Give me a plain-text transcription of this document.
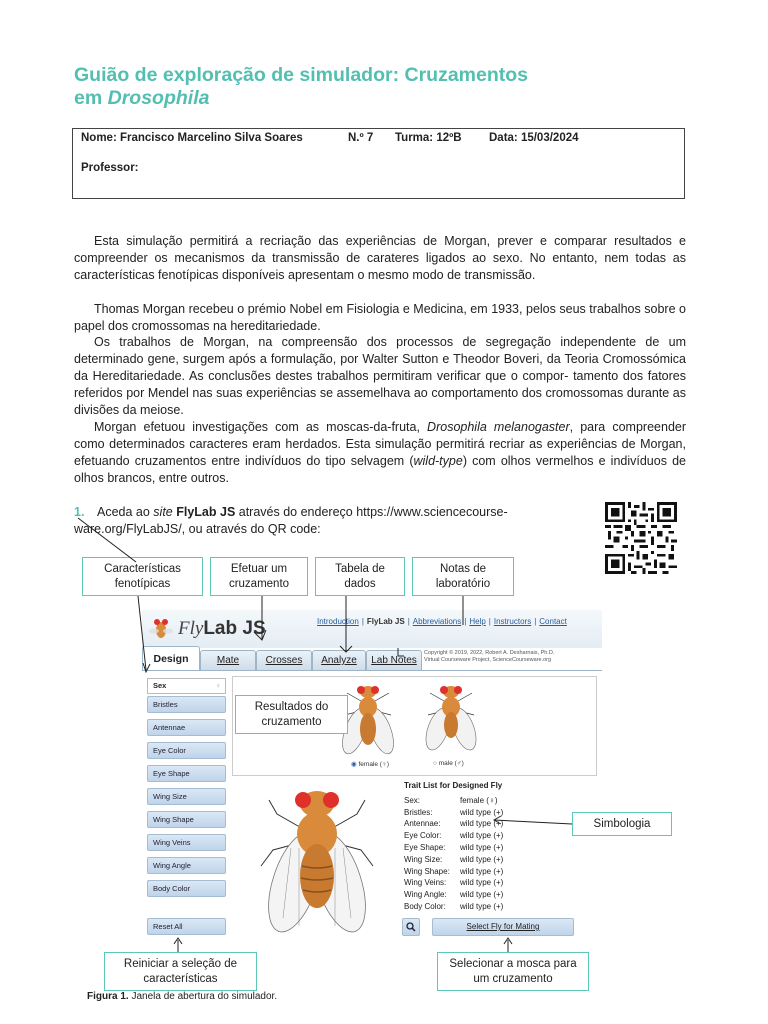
Guião de exploração de simulador: Cruzamentos
em Drosophila
Nome: Francisco Marcelino Silva Soares	N.º 7 Turma: 12ºB Data: 15/03/2024
Professor:
Esta simulação permitirá a recriação das experiências de Morgan, prever e comparar resultados e compreender os mecanismos da transmissão de carateres ligados ao sexo. No entanto, nem todas as características fenotípicas disponíveis apresentam o mesmo modo de transmissão.
Thomas Morgan recebeu o prémio Nobel em Fisiologia e Medicina, em 1933, pelos seus trabalhos sobre o papel dos cromossomas na hereditariedade.
Os trabalhos de Morgan, na compreensão dos processos de segregação independente de um determinado gene, surgem após a formulação, por Walter Sutton e Theodor Boveri, da Teoria Cromossómica da Hereditariedade. As conclusões destes trabalhos permitiram verificar que o compor- tamento dos fatores referidos por Mendel nas suas experiências se assemelhava ao comportamento dos cromossomas durante as divisões da meiose.
Morgan efetuou investigações com as moscas-da-fruta, Drosophila melanogaster, para compreender como determinados caracteres eram herdados. Esta simulação permitirá recriar as experiências de Morgan, efetuando cruzamentos entre indivíduos do tipo selvagem (wild-type) com olhos vermelhos e indivíduos de olhos brancos, entre outros.
1. Aceda ao site FlyLab JS através do endereço https://www.sciencecourse-ware.org/FlyLabJS/, ou através do QR code:
FlyLab JS	Introduction | FlyLab JS | Abbreviations | Help | Instructors | Contact
Copyright © 2019, 2022, Robert A. Desharnais, Ph.D.
Virtual Courseware Project, ScienceCourseware.org
Design	Mate	Crosses	Analyze	Lab Notes
Sex	♀
Bristles
Antennae
Eye Color
Eye Shape
Wing Size
Wing Shape
Wing Veins
Wing Angle
Body Color
Reset All
◉ female (♀)	○ male (♂)
Trait List for Designed Fly
Sex:	female (♀)
Bristles:	wild type (+)
Antennae:	wild type (+)
Eye Color:	wild type (+)
Eye Shape:	wild type (+)
Wing Size:	wild type (+)
Wing Shape:	wild type (+)
Wing Veins:	wild type (+)
Wing Angle:	wild type (+)
Body Color:	wild type (+)
Select Fly for Mating
Características fenotípicas
Efetuar um cruzamento
Tabela de dados
Notas de laboratório
Resultados do cruzamento
Simbologia
Reiniciar a seleção de características
Selecionar a mosca para um cruzamento
Figura 1. Janela de abertura do simulador.
